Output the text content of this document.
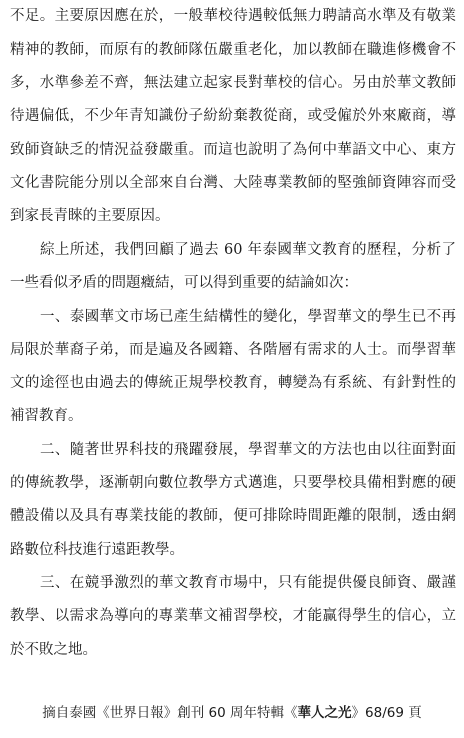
不足。主要原因應在於，一般華校待遇較低無力聘請高水準及有敬業
精神的教師，而原有的教師隊伍嚴重老化，加以教師在職進修機會不
多，水準參差不齊，無法建立起家長對華校的信心。另由於華文教師
待遇偏低，不少年青知識份子紛紛棄教從商，或受僱於外來廠商，導
致師資缺乏的情況益發嚴重。而這也說明了為何中華語文中心、東方
文化書院能分別以全部來自台灣、大陸專業教師的堅強師資陣容而受
到家長青睞的主要原因。
綜上所述，我們回顧了過去 60 年泰國華文教育的歷程，分析了
一些看似矛盾的問題癥結，可以得到重要的結論如次：
一、泰國華文市场已產生結構性的變化，學習華文的學生已不再
局限於華裔子弟，而是遍及各國籍、各階層有需求的人士。而學習華
文的途徑也由過去的傳統正規學校教育，轉變為有系統、有針對性的
補習教育。
二、隨著世界科技的飛躍發展，學習華文的方法也由以往面對面
的傳統教學，逐漸朝向數位教學方式邁進，只要學校具備相對應的硬
體設備以及具有專業技能的教師，便可排除時間距離的限制，透由網
路數位科技進行遠距教學。
三、在競爭激烈的華文教育市場中，只有能提供優良師資、嚴謹
教學、以需求為導向的專業華文補習學校，才能赢得學生的信心，立
於不敗之地。
摘自泰國《世界日報》創刊 60 周年特輯《華人之光》68/69 頁
